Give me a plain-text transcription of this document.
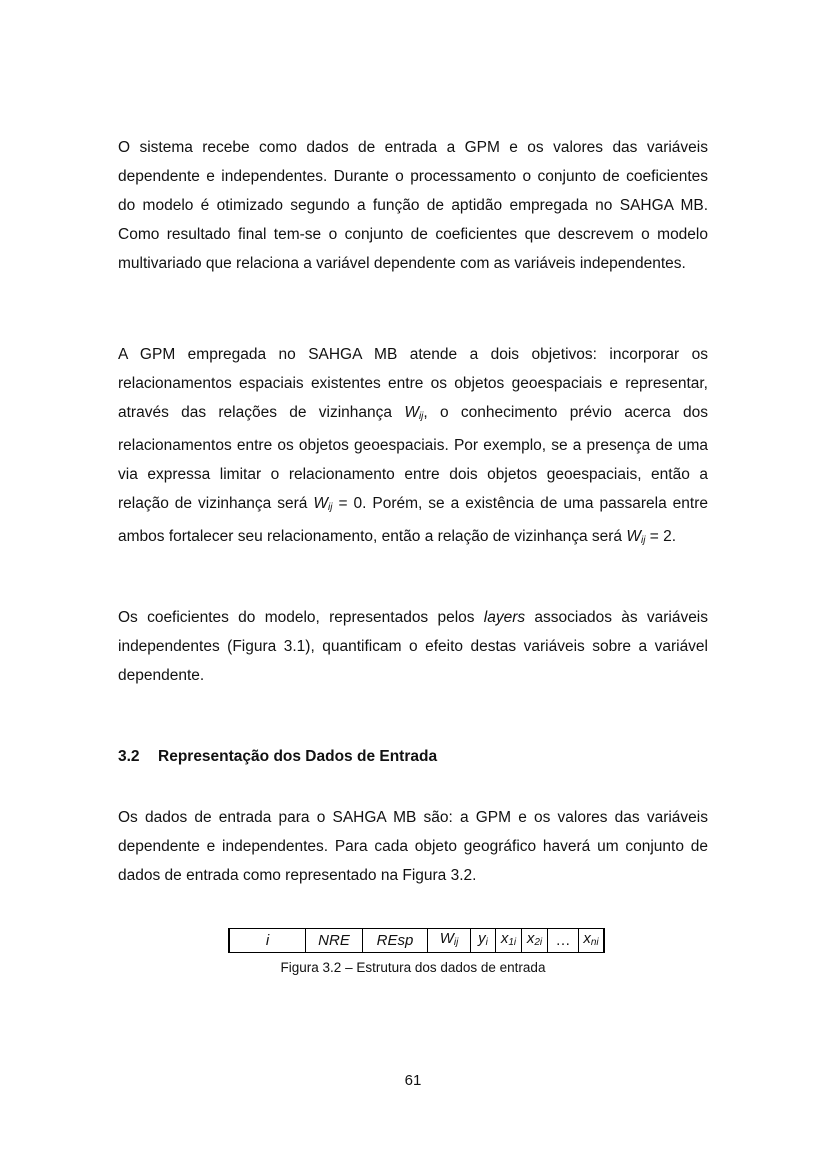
O sistema recebe como dados de entrada a GPM e os valores das variáveis dependente e independentes. Durante o processamento o conjunto de coeficientes do modelo é otimizado segundo a função de aptidão empregada no SAHGA MB. Como resultado final tem-se o conjunto de coeficientes que descrevem o modelo multivariado que relaciona a variável dependente com as variáveis independentes.

A GPM empregada no SAHGA MB atende a dois objetivos: incorporar os relacionamentos espaciais existentes entre os objetos geoespaciais e representar, através das relações de vizinhança $W_{ij}$, o conhecimento prévio acerca dos relacionamentos entre os objetos geoespaciais. Por exemplo, se a presença de uma via expressa limitar o relacionamento entre dois objetos geoespaciais, então a relação de vizinhança será $W_{ij} = 0$. Porém, se a existência de uma passarela entre ambos fortalecer seu relacionamento, então a relação de vizinhança será $W_{ij} = 2$.

Os coeficientes do modelo, representados pelos layers associados às variáveis independentes (Figura 3.1), quantificam o efeito destas variáveis sobre a variável dependente.

3.2 Representação dos Dados de Entrada

Os dados de entrada para o SAHGA MB são: a GPM e os valores das variáveis dependente e independentes. Para cada objeto geográfico haverá um conjunto de dados de entrada como representado na Figura 3.2.

i	NRE	REsp	$W_{ij}$	$y_i$	$x_{1i}$	$x_{2i}$	…	$x_{ni}$
Figura 3.2 – Estrutura dos dados de entrada
61
